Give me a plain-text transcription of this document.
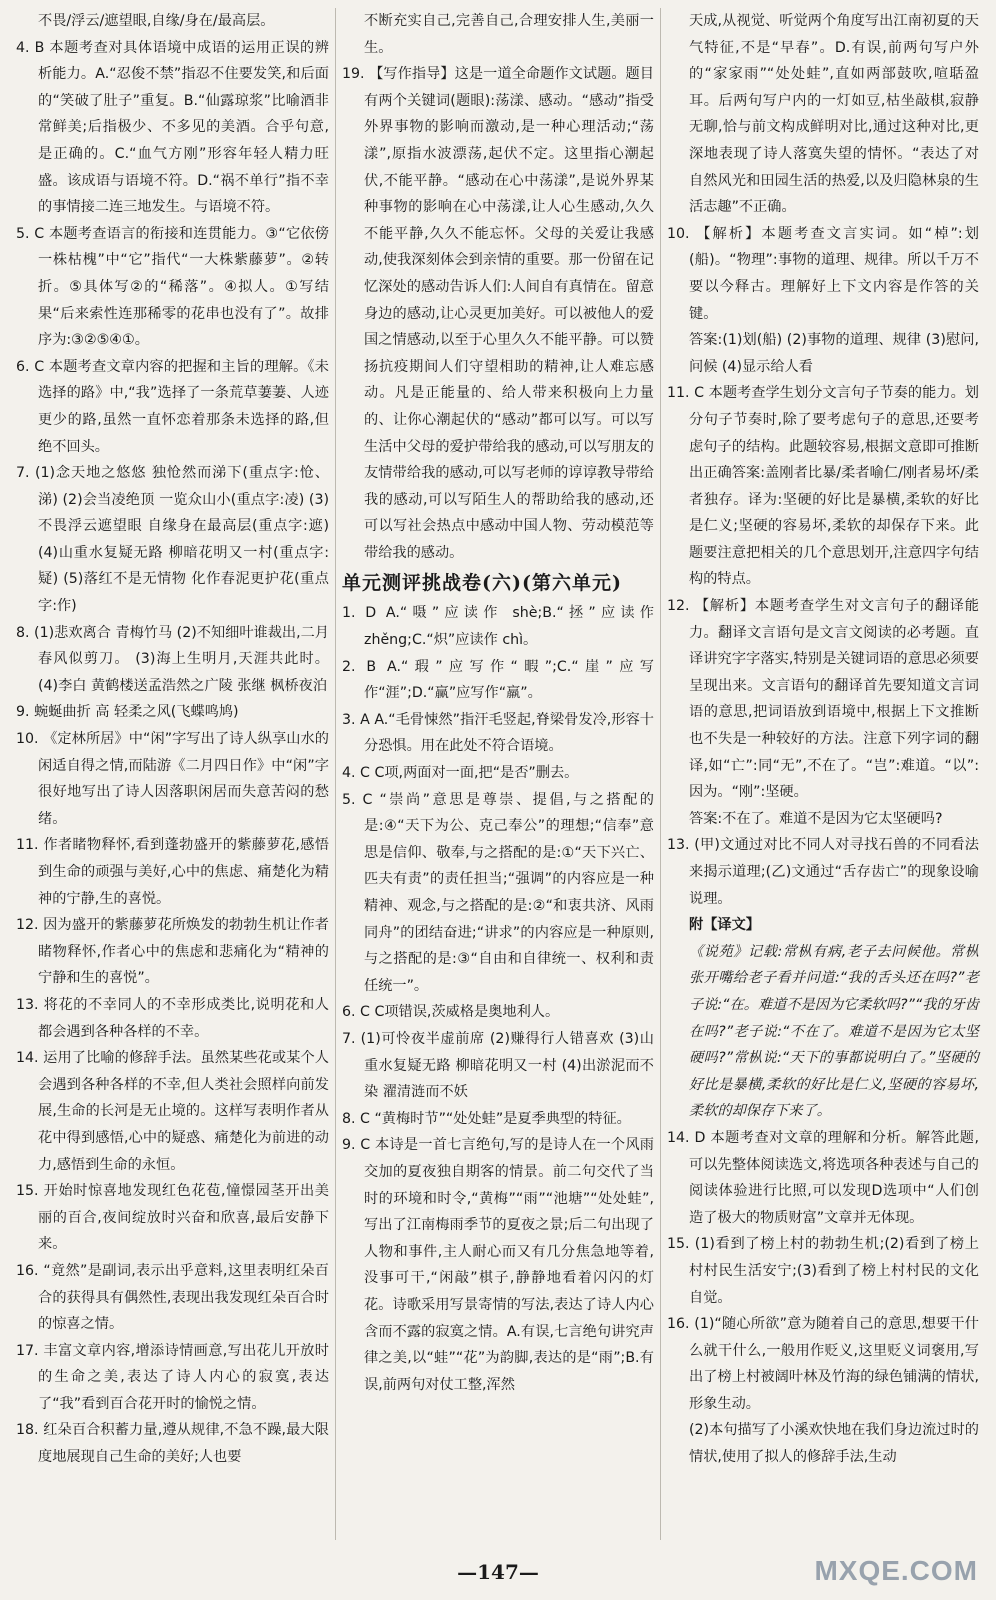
不畏/浮云/遮望眼,自缘/身在/最高层。

4. B 本题考查对具体语境中成语的运用正误的辨析能力。A.“忍俊不禁”指忍不住要发笑,和后面的“笑破了肚子”重复。B.“仙露琼浆”比喻酒非常鲜美;后指极少、不多见的美酒。合乎句意,是正确的。C.“血气方刚”形容年轻人精力旺盛。该成语与语境不符。D.“祸不单行”指不幸的事情接二连三地发生。与语境不符。

5. C 本题考查语言的衔接和连贯能力。③“它依傍一株枯槐”中“它”指代“一大株紫藤萝”。②转折。⑤具体写②的“稀落”。④拟人。①写结果“后来索性连那稀零的花串也没有了”。故排序为:③②⑤④①。

6. C 本题考查文章内容的把握和主旨的理解。《未选择的路》中,“我”选择了一条荒草萋萋、人迹更少的路,虽然一直怀恋着那条未选择的路,但绝不回头。

7. (1)念天地之悠悠 独怆然而涕下(重点字:怆、涕) (2)会当凌绝顶 一览众山小(重点字:凌) (3)不畏浮云遮望眼 自缘身在最高层(重点字:遮) (4)山重水复疑无路 柳暗花明又一村(重点字:疑) (5)落红不是无情物 化作春泥更护花(重点字:作)

8. (1)悲欢离合 青梅竹马 (2)不知细叶谁裁出,二月春风似剪刀。 (3)海上生明月,天涯共此时。 (4)李白 黄鹤楼送孟浩然之广陵 张继 枫桥夜泊

9. 蜿蜒曲折 高 轻柔之风(飞蝶鸣鸠)

10. 《定林所居》中“闲”字写出了诗人纵享山水的闲适自得之情,而陆游《二月四日作》中“闲”字很好地写出了诗人因落职闲居而失意苦闷的愁绪。

11. 作者睹物释怀,看到蓬勃盛开的紫藤萝花,感悟到生命的顽强与美好,心中的焦虑、痛楚化为精神的宁静,生的喜悦。

12. 因为盛开的紫藤萝花所焕发的勃勃生机让作者睹物释怀,作者心中的焦虑和悲痛化为“精神的宁静和生的喜悦”。

13. 将花的不幸同人的不幸形成类比,说明花和人都会遇到各种各样的不幸。

14. 运用了比喻的修辞手法。虽然某些花或某个人会遇到各种各样的不幸,但人类社会照样向前发展,生命的长河是无止境的。这样写表明作者从花中得到感悟,心中的疑惑、痛楚化为前进的动力,感悟到生命的永恒。

15. 开始时惊喜地发现红色花苞,憧憬园茎开出美丽的百合,夜间绽放时兴奋和欣喜,最后安静下来。

16. “竟然”是副词,表示出乎意料,这里表明红朵百合的获得具有偶然性,表现出我发现红朵百合时的惊喜之情。

17. 丰富文章内容,增添诗情画意,写出花儿开放时的生命之美,表达了诗人内心的寂寞,表达了“我”看到百合花开时的愉悦之情。

18. 红朵百合积蓄力量,遵从规律,不急不躁,最大限度地展现自己生命的美好;人也要

不断充实自己,完善自己,合理安排人生,美丽一生。

19. 【写作指导】这是一道全命题作文试题。题目有两个关键词(题眼):荡漾、感动。“感动”指受外界事物的影响而激动,是一种心理活动;“荡漾”,原指水波漂荡,起伏不定。这里指心潮起伏,不能平静。“感动在心中荡漾”,是说外界某种事物的影响在心中荡漾,让人心生感动,久久不能平静,久久不能忘怀。父母的关爱让我感动,使我深刻体会到亲情的重要。那一份留在记忆深处的感动告诉人们:人间自有真情在。留意身边的感动,让心灵更加美好。可以被他人的爱国之情感动,以至于心里久久不能平静。可以赞扬抗疫期间人们守望相助的精神,让人难忘感动。凡是正能量的、给人带来积极向上力量的、让你心潮起伏的“感动”都可以写。可以写生活中父母的爱护带给我的感动,可以写朋友的友情带给我的感动,可以写老师的谆谆教导带给我的感动,可以写陌生人的帮助给我的感动,还可以写社会热点中感动中国人物、劳动模范等带给我的感动。

单元测评挑战卷(六)(第六单元)

1. D A.“嗫”应读作 shè;B.“拯”应读作 zhěng;C.“炽”应读作 chì。

2. B A.“瑕”应写作“暇”;C.“崖”应写作“涯”;D.“赢”应写作“羸”。

3. A A.“毛骨悚然”指汗毛竖起,脊梁骨发冷,形容十分恐惧。用在此处不符合语境。

4. C C项,两面对一面,把“是否”删去。

5. C “崇尚”意思是尊崇、提倡,与之搭配的是:④“天下为公、克己奉公”的理想;“信奉”意思是信仰、敬奉,与之搭配的是:①“天下兴亡、匹夫有责”的责任担当;“强调”的内容应是一种精神、观念,与之搭配的是:②“和衷共济、风雨同舟”的团结奋进;“讲求”的内容应是一种原则,与之搭配的是:③“自由和自律统一、权利和责任统一”。

6. C C项错误,茨威格是奥地利人。

7. (1)可怜夜半虚前席 (2)赚得行人错喜欢 (3)山重水复疑无路 柳暗花明又一村 (4)出淤泥而不染 濯清涟而不妖

8. C “黄梅时节”“处处蛙”是夏季典型的特征。

9. C 本诗是一首七言绝句,写的是诗人在一个风雨交加的夏夜独自期客的情景。前二句交代了当时的环境和时令,“黄梅”“雨”“池塘”“处处蛙”,写出了江南梅雨季节的夏夜之景;后二句出现了人物和事件,主人耐心而又有几分焦急地等着,没事可干,“闲敲”棋子,静静地看着闪闪的灯花。诗歌采用写景寄情的写法,表达了诗人内心含而不露的寂寞之情。A.有误,七言绝句讲究声律之美,以“蛙”“花”为韵脚,表达的是“雨”;B.有误,前两句对仗工整,浑然

天成,从视觉、听觉两个角度写出江南初夏的天气特征,不是“早春”。D.有误,前两句写户外的“家家雨”“处处蛙”,直如两部鼓吹,喧聒盈耳。后两句写户内的一灯如豆,枯坐敲棋,寂静无聊,恰与前文构成鲜明对比,通过这种对比,更深地表现了诗人落寞失望的情怀。“表达了对自然风光和田园生活的热爱,以及归隐林泉的生活志趣”不正确。

10. 【解析】本题考查文言实词。如“棹”:划(船)。“物理”:事物的道理、规律。所以千万不要以今释古。理解好上下文内容是作答的关键。

答案:(1)划(船) (2)事物的道理、规律 (3)慰问,问候 (4)显示给人看

11. C 本题考查学生划分文言句子节奏的能力。划分句子节奏时,除了要考虑句子的意思,还要考虑句子的结构。此题较容易,根据文意即可推断出正确答案:盖刚者比暴/柔者喻仁/刚者易坏/柔者独存。译为:坚硬的好比是暴横,柔软的好比是仁义;坚硬的容易坏,柔软的却保存下来。此题要注意把相关的几个意思划开,注意四字句结构的特点。

12. 【解析】本题考查学生对文言句子的翻译能力。翻译文言语句是文言文阅读的必考题。直译讲究字字落实,特别是关键词语的意思必须要呈现出来。文言语句的翻译首先要知道文言词语的意思,把词语放到语境中,根据上下文推断也不失是一种较好的方法。注意下列字词的翻译,如“亡”:同“无”,不在了。“岂”:难道。“以”:因为。“刚”:坚硬。

答案:不在了。难道不是因为它太坚硬吗?

13. (甲)文通过对比不同人对寻找石兽的不同看法来揭示道理;(乙)文通过“舌存齿亡”的现象设喻说理。

附【译文】

《说苑》记载:常枞有病,老子去问候他。常枞张开嘴给老子看并问道:“我的舌头还在吗?”老子说:“在。难道不是因为它柔软吗?”“我的牙齿在吗?”老子说:“不在了。难道不是因为它太坚硬吗?”常枞说:“天下的事都说明白了。”坚硬的好比是暴横,柔软的好比是仁义,坚硬的容易坏,柔软的却保存下来了。

14. D 本题考查对文章的理解和分析。解答此题,可以先整体阅读选文,将选项各种表述与自己的阅读体验进行比照,可以发现D选项中“人们创造了极大的物质财富”文章并无体现。

15. (1)看到了榜上村的勃勃生机;(2)看到了榜上村村民生活安宁;(3)看到了榜上村村民的文化自觉。

16. (1)“随心所欲”意为随着自己的意思,想要干什么就干什么,一般用作贬义,这里贬义词褒用,写出了榜上村被阔叶林及竹海的绿色铺满的情状,形象生动。

(2)本句描写了小溪欢快地在我们身边流过时的情状,使用了拟人的修辞手法,生动

—147—	MXQE.COM
